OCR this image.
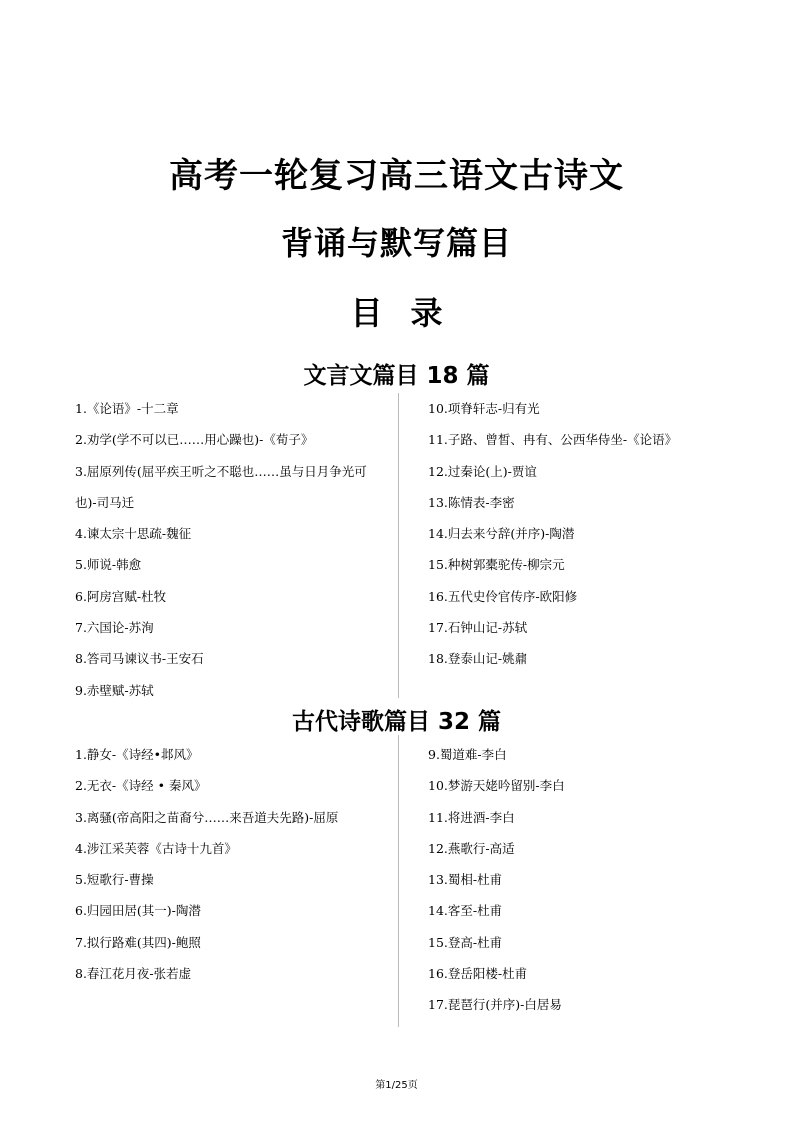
高考一轮复习高三语文古诗文
背诵与默写篇目
目录
文言文篇目 18 篇
1.《论语》-十二章
2.劝学(学不可以已……用心躁也)-《荀子》
3.屈原列传(屈平疾王听之不聪也……虽与日月争光可也)-司马迁
4.谏太宗十思疏-魏征
5.师说-韩愈
6.阿房宫赋-杜牧
7.六国论-苏洵
8.答司马谏议书-王安石
9.赤壁赋-苏轼
10.项脊轩志-归有光
11.子路、曾皙、冉有、公西华侍坐-《论语》
12.过秦论(上)-贾谊
13.陈情表-李密
14.归去来兮辞(并序)-陶潜
15.种树郭橐驼传-柳宗元
16.五代史伶官传序-欧阳修
17.石钟山记-苏轼
18.登泰山记-姚鼐
古代诗歌篇目 32 篇
1.静女-《诗经•邶风》
2.无衣-《诗经 • 秦风》
3.离骚(帝高阳之苗裔兮……来吾道夫先路)-屈原
4.涉江采芙蓉《古诗十九首》
5.短歌行-曹操
6.归园田居(其一)-陶潜
7.拟行路难(其四)-鲍照
8.春江花月夜-张若虚
9.蜀道难-李白
10.梦游天姥吟留别-李白
11.将进酒-李白
12.燕歌行-高适
13.蜀相-杜甫
14.客至-杜甫
15.登高-杜甫
16.登岳阳楼-杜甫
17.琵琶行(并序)-白居易
第1/25页
